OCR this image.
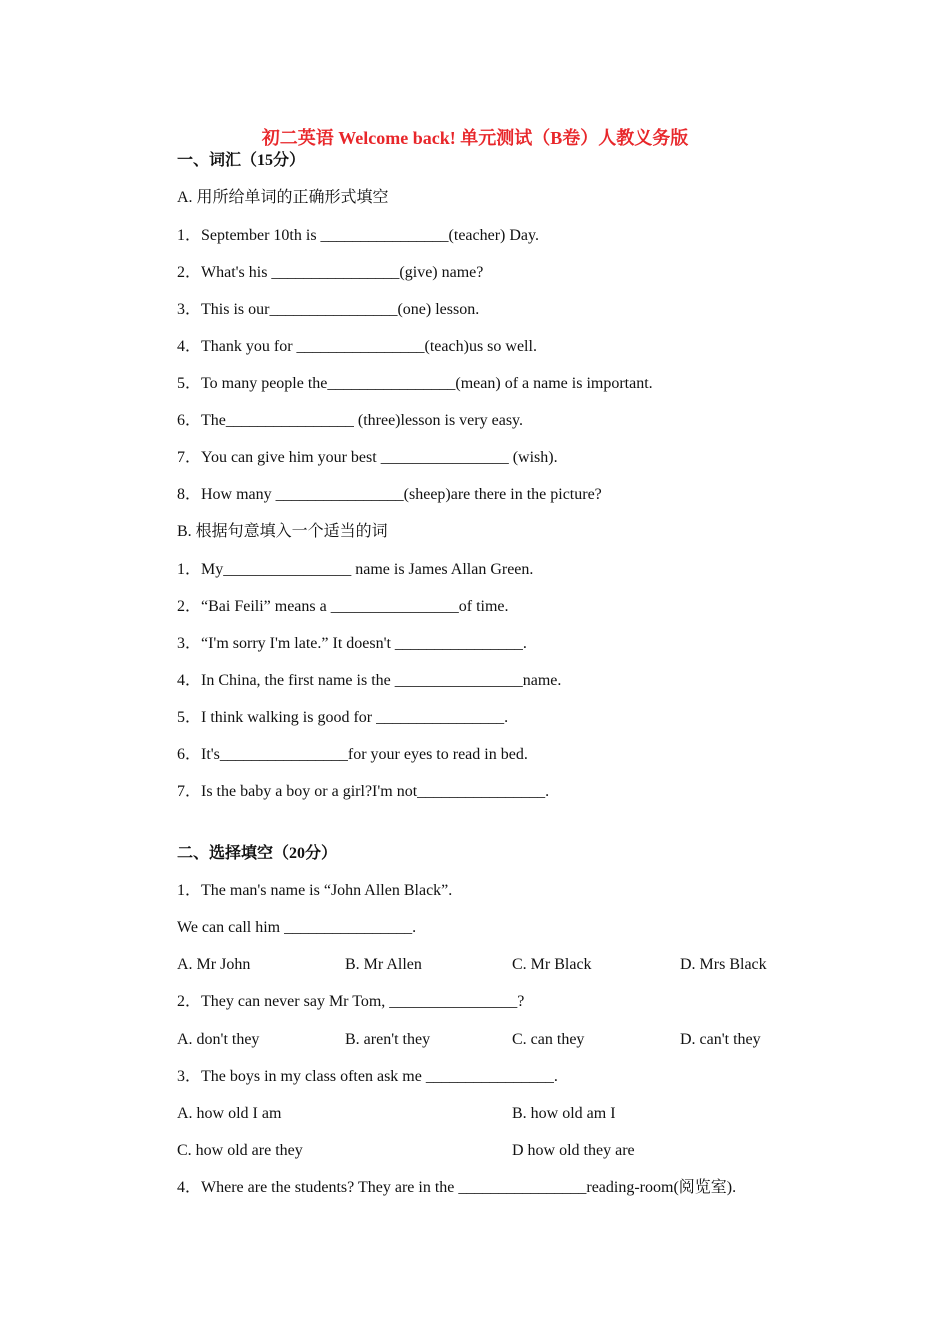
初二英语 Welcome back! 单元测试（B卷）人教义务版
一、词汇（15分）
A. 用所给单词的正确形式填空
1．September 10th is ________________(teacher) Day.
2．What's his ________________(give) name?
3．This is our________________(one) lesson.
4．Thank you for ________________(teach)us so well.
5．To many people the________________(mean) of a name is important.
6．The________________ (three)lesson is very easy.
7．You can give him your best ________________ (wish).
8．How many ________________(sheep)are there in the picture?
B. 根据句意填入一个适当的词
1．My________________ name is James Allan Green.
2．“Bai Feili” means a ________________of time.
3．“I'm sorry I'm late.” It doesn't ________________.
4．In China, the first name is the ________________name.
5．I think walking is good for ________________.
6．It's________________for your eyes to read in bed.
7．Is the baby a boy or a girl?I'm not________________.
二、选择填空（20分）
1．The man's name is “John Allen Black”.
We can call him ________________.
A. Mr John	B. Mr Allen	C. Mr Black	D. Mrs Black
2．They can never say Mr Tom, ________________?
A. don't they	B. aren't they	C. can they	D. can't they
3．The boys in my class often ask me ________________.
A. how old I am	B. how old am I
C. how old are they	D how old they are
4．Where are the students? They are in the ________________reading-room(阅览室).
